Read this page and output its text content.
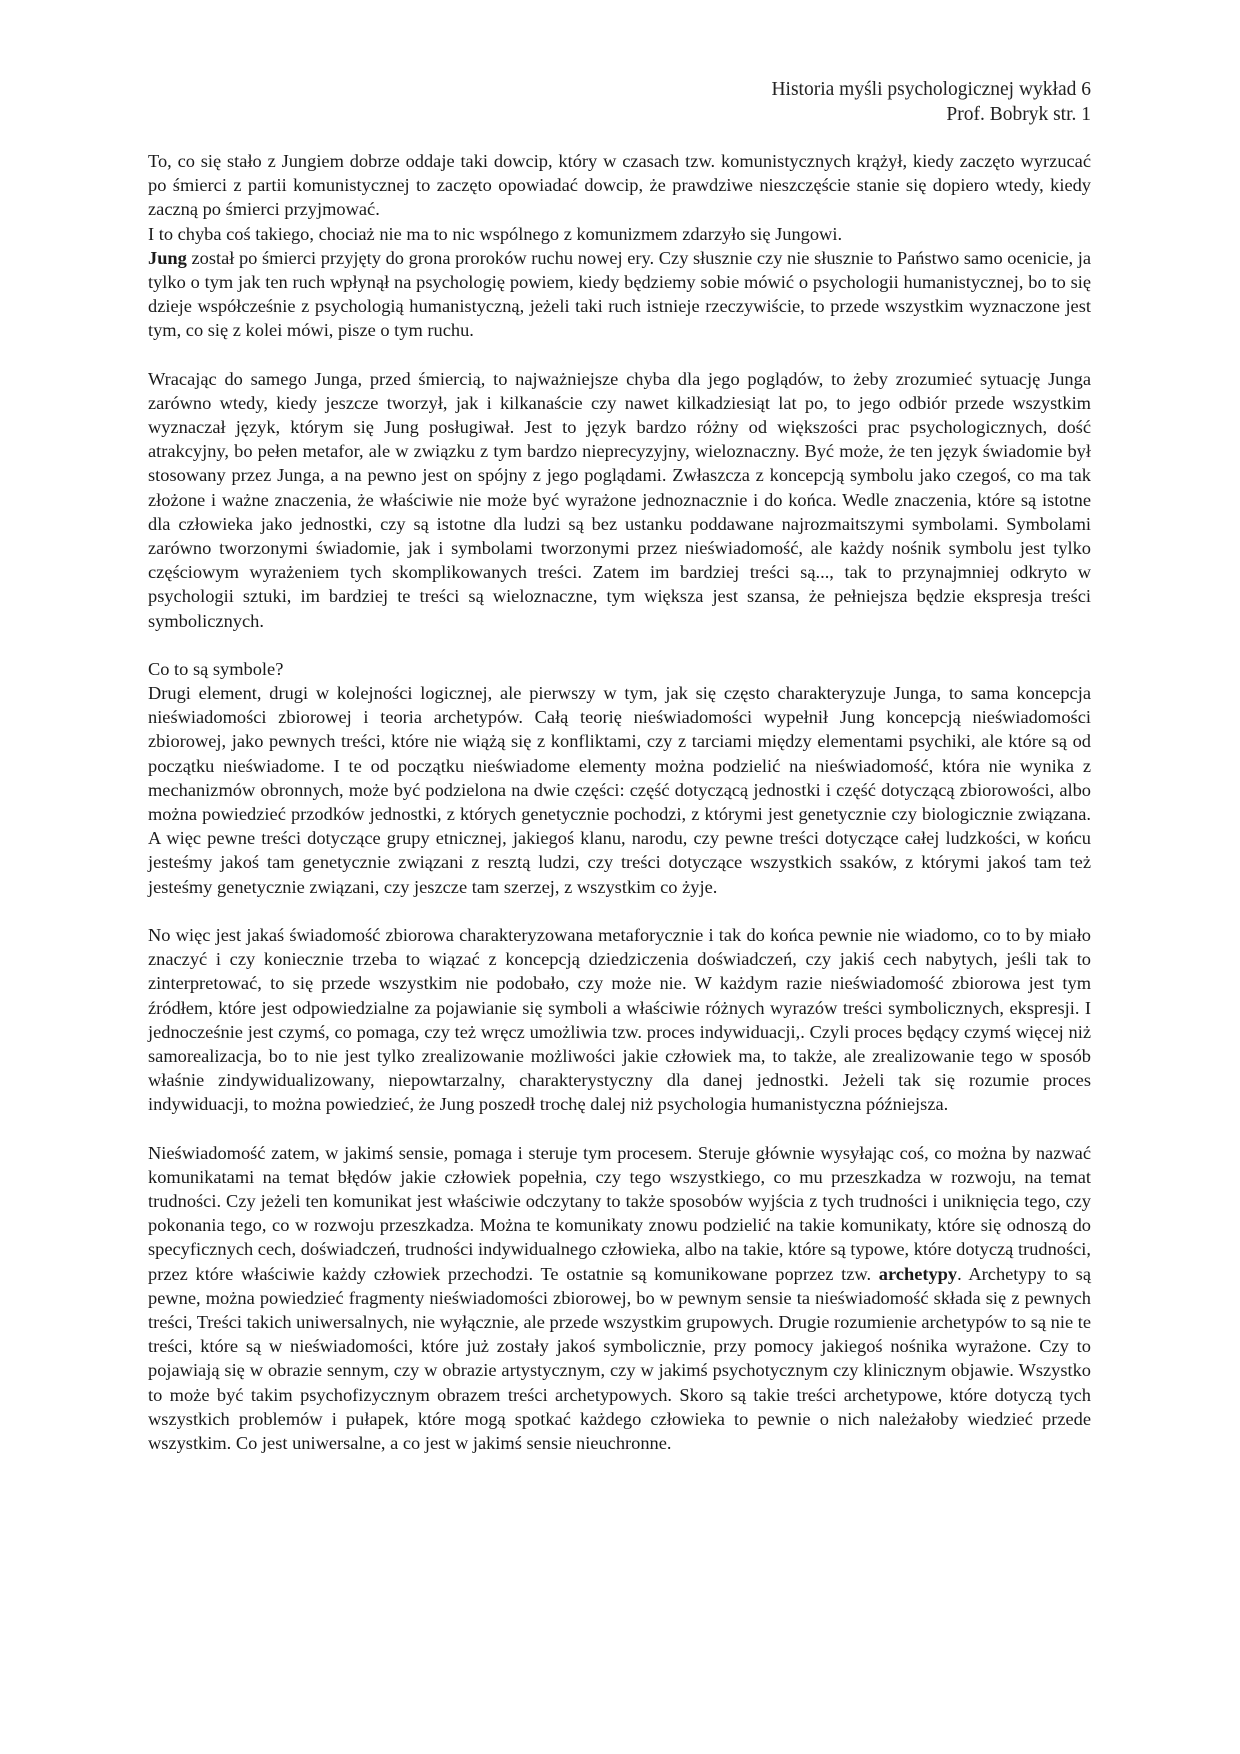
Historia myśli psychologicznej wykład 6
Prof. Bobryk str. 1

To, co się stało z Jungiem dobrze oddaje taki dowcip, który w czasach tzw. komunistycznych krążył, kiedy zaczęto wyrzucać po śmierci z partii komunistycznej to zaczęto opowiadać dowcip, że prawdziwe nieszczęście stanie się dopiero wtedy, kiedy zaczną po śmierci przyjmować.

I to chyba coś takiego, chociaż nie ma to nic wspólnego z komunizmem zdarzyło się Jungowi.

Jung został po śmierci przyjęty do grona proroków ruchu nowej ery. Czy słusznie czy nie słusznie to Państwo samo ocenicie, ja tylko o tym jak ten ruch wpłynął na psychologię powiem, kiedy będziemy sobie mówić o psychologii humanistycznej, bo to się dzieje współcześnie z psychologią humanistyczną, jeżeli taki ruch istnieje rzeczywiście, to przede wszystkim wyznaczone jest tym, co się z kolei mówi, pisze o tym ruchu.

Wracając do samego Junga, przed śmiercią, to najważniejsze chyba dla jego poglądów, to żeby zrozumieć sytuację Junga zarówno wtedy, kiedy jeszcze tworzył, jak i kilkanaście czy nawet kilkadziesiąt lat po, to jego odbiór przede wszystkim wyznaczał język, którym się Jung posługiwał. Jest to język bardzo różny od większości prac psychologicznych, dość atrakcyjny, bo pełen metafor, ale w związku z tym bardzo nieprecyzyjny, wieloznaczny. Być może, że ten język świadomie był stosowany przez Junga, a na pewno jest on spójny z jego poglądami. Zwłaszcza z koncepcją symbolu jako czegoś, co ma tak złożone i ważne znaczenia, że właściwie nie może być wyrażone jednoznacznie i do końca. Wedle znaczenia, które są istotne dla człowieka jako jednostki, czy są istotne dla ludzi są bez ustanku poddawane najrozmaitszymi symbolami. Symbolami zarówno tworzonymi świadomie, jak i symbolami tworzonymi przez nieświadomość, ale każdy nośnik symbolu jest tylko częściowym wyrażeniem tych skomplikowanych treści. Zatem im bardziej treści są..., tak to przynajmniej odkryto w psychologii sztuki, im bardziej te treści są wieloznaczne, tym większa jest szansa, że pełniejsza będzie ekspresja treści symbolicznych.

Co to są symbole?

Drugi element, drugi w kolejności logicznej, ale pierwszy w tym, jak się często charakteryzuje Junga, to sama koncepcja nieświadomości zbiorowej i teoria archetypów. Całą teorię nieświadomości wypełnił Jung koncepcją nieświadomości zbiorowej, jako pewnych treści, które nie wiążą się z konfliktami, czy z tarciami między elementami psychiki, ale które są od początku nieświadome. I te od początku nieświadome elementy można podzielić na nieświadomość, która nie wynika z mechanizmów obronnych, może być podzielona na dwie części: część dotyczącą jednostki i część dotyczącą zbiorowości, albo można powiedzieć przodków jednostki, z których genetycznie pochodzi, z którymi jest genetycznie czy biologicznie związana. A więc pewne treści dotyczące grupy etnicznej, jakiegoś klanu, narodu, czy pewne treści dotyczące całej ludzkości, w końcu jesteśmy jakoś tam genetycznie związani z resztą ludzi, czy treści dotyczące wszystkich ssaków, z którymi jakoś tam też jesteśmy genetycznie związani, czy jeszcze tam szerzej, z wszystkim co żyje.

No więc jest jakaś świadomość zbiorowa charakteryzowana metaforycznie i tak do końca pewnie nie wiadomo, co to by miało znaczyć i czy koniecznie trzeba to wiązać z koncepcją dziedziczenia doświadczeń, czy jakiś cech nabytych, jeśli tak to zinterpretować, to się przede wszystkim nie podobało, czy może nie. W każdym razie nieświadomość zbiorowa jest tym źródłem, które jest odpowiedzialne za pojawianie się symboli a właściwie różnych wyrazów treści symbolicznych, ekspresji. I jednocześnie jest czymś, co pomaga, czy też wręcz umożliwia tzw. proces indywiduacji,. Czyli proces będący czymś więcej niż samorealizacja, bo to nie jest tylko zrealizowanie możliwości jakie człowiek ma, to także, ale zrealizowanie tego w sposób właśnie zindywidualizowany, niepowtarzalny, charakterystyczny dla danej jednostki. Jeżeli tak się rozumie proces indywiduacji, to można powiedzieć, że Jung poszedł trochę dalej niż psychologia humanistyczna późniejsza.

Nieświadomość zatem, w jakimś sensie, pomaga i steruje tym procesem. Steruje głównie wysyłając coś, co można by nazwać komunikatami na temat błędów jakie człowiek popełnia, czy tego wszystkiego, co mu przeszkadza w rozwoju, na temat trudności. Czy jeżeli ten komunikat jest właściwie odczytany to także sposobów wyjścia z tych trudności i uniknięcia tego, czy pokonania tego, co w rozwoju przeszkadza. Można te komunikaty znowu podzielić na takie komunikaty, które się odnoszą do specyficznych cech, doświadczeń, trudności indywidualnego człowieka, albo na takie, które są typowe, które dotyczą trudności, przez które właściwie każdy człowiek przechodzi. Te ostatnie są komunikowane poprzez tzw. archetypy. Archetypy to są pewne, można powiedzieć fragmenty nieświadomości zbiorowej, bo w pewnym sensie ta nieświadomość składa się z pewnych treści, Treści takich uniwersalnych, nie wyłącznie, ale przede wszystkim grupowych. Drugie rozumienie archetypów to są nie te treści, które są w nieświadomości, które już zostały jakoś symbolicznie, przy pomocy jakiegoś nośnika wyrażone. Czy to pojawiają się w obrazie sennym, czy w obrazie artystycznym, czy w jakimś psychotycznym czy klinicznym objawie. Wszystko to może być takim psychofizycznym obrazem treści archetypowych. Skoro są takie treści archetypowe, które dotyczą tych wszystkich problemów i pułapek, które mogą spotkać każdego człowieka to pewnie o nich należałoby wiedzieć przede wszystkim. Co jest uniwersalne, a co jest w jakimś sensie nieuchronne.
